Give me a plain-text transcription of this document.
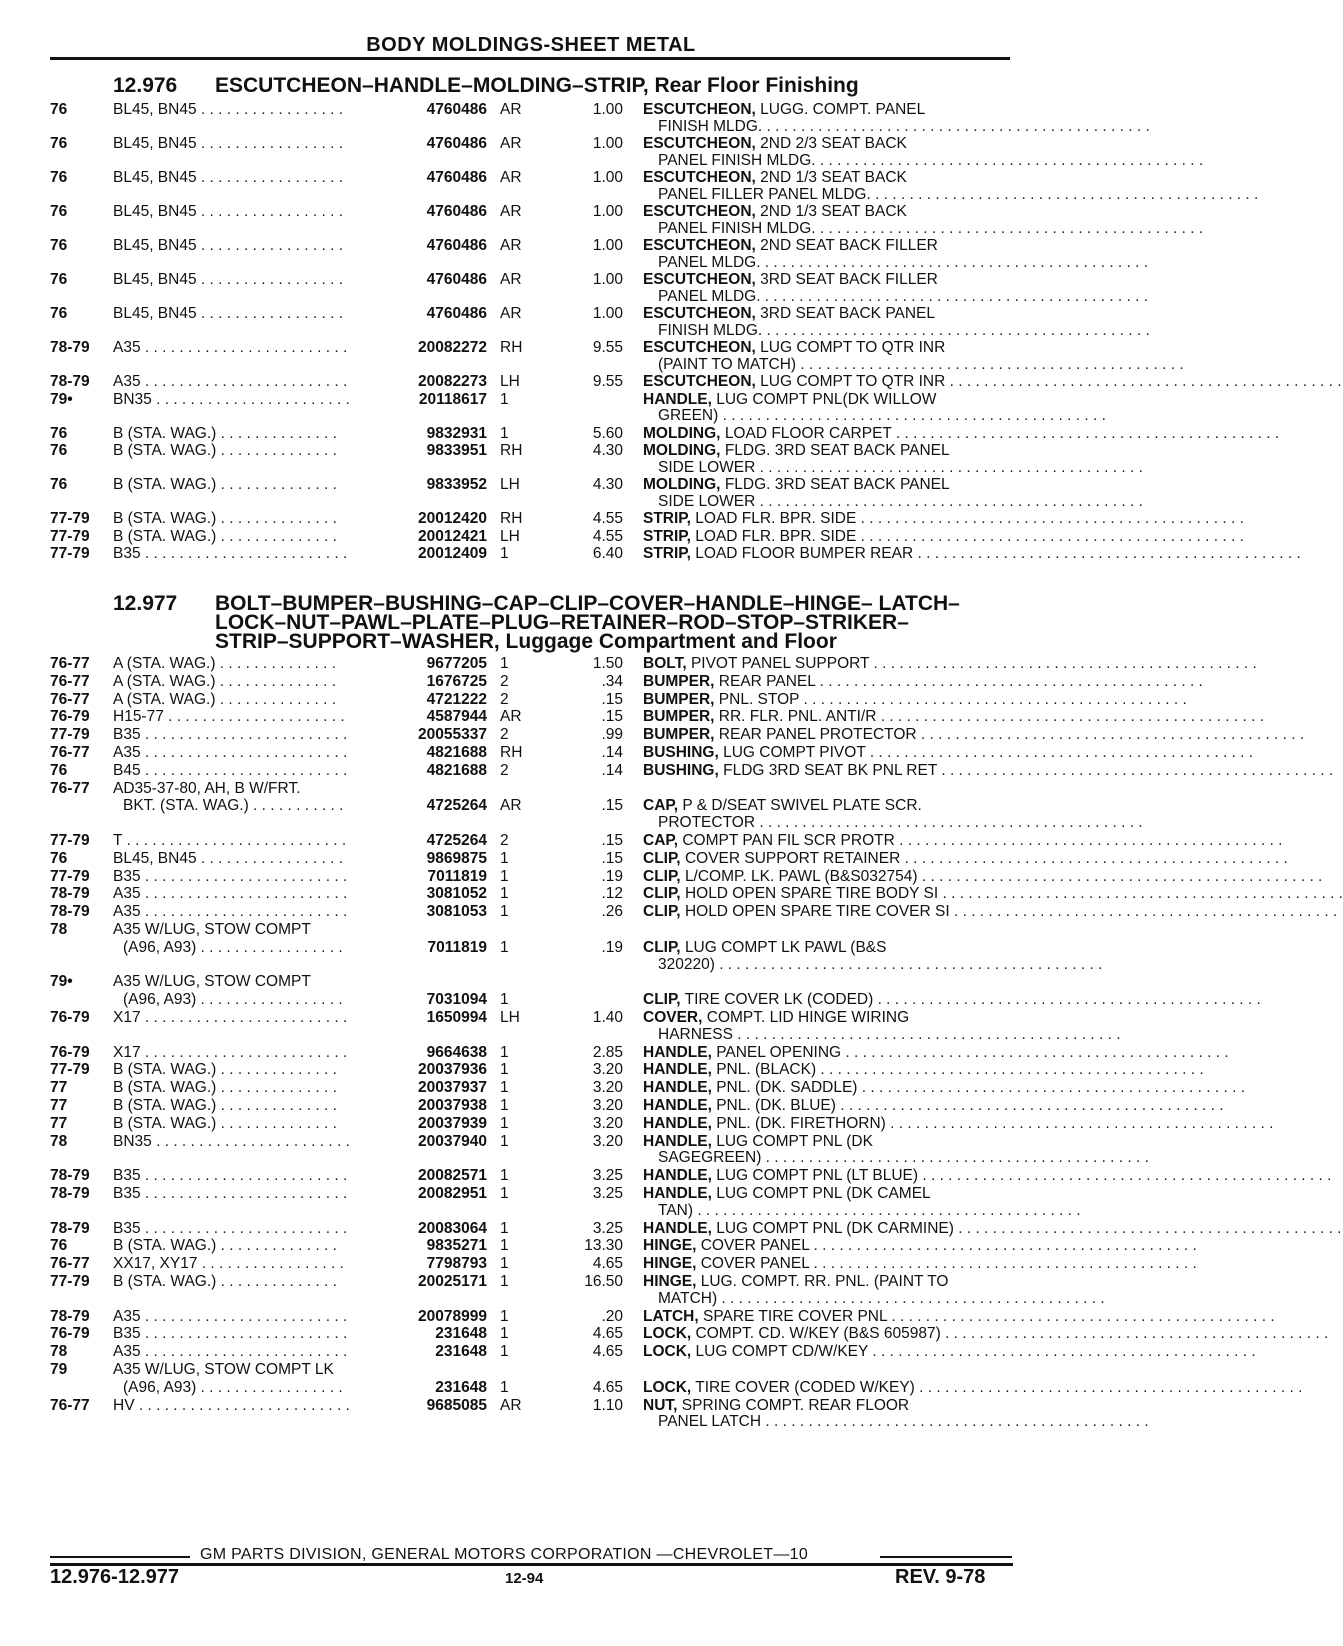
BODY MOLDINGS-SHEET METAL
12.976 ESCUTCHEON–HANDLE–MOLDING–STRIP, Rear Floor Finishing
76	BL45, BN45 . . . . . . . . . . . . . . . . .	4760486 AR	1.00 ESCUTCHEON, LUGG. COMPT. PANEL
FINISH MLDG. . . . . . . . . . . . . . . . . . . . . . . . . . . . . . . . . . . . . . . . . . . . . .
76	BL45, BN45 . . . . . . . . . . . . . . . . .	4760486 AR	1.00 ESCUTCHEON, 2ND 2/3 SEAT BACK
PANEL FINISH MLDG. . . . . . . . . . . . . . . . . . . . . . . . . . . . . . . . . . . . . . . . . . . . . .
76	BL45, BN45 . . . . . . . . . . . . . . . . .	4760486 AR	1.00 ESCUTCHEON, 2ND 1/3 SEAT BACK
PANEL FILLER PANEL MLDG. . . . . . . . . . . . . . . . . . . . . . . . . . . . . . . . . . . . . . . . . . . . . .
76	BL45, BN45 . . . . . . . . . . . . . . . . .	4760486 AR	1.00 ESCUTCHEON, 2ND 1/3 SEAT BACK
PANEL FINISH MLDG. . . . . . . . . . . . . . . . . . . . . . . . . . . . . . . . . . . . . . . . . . . . . .
76	BL45, BN45 . . . . . . . . . . . . . . . . .	4760486 AR	1.00 ESCUTCHEON, 2ND SEAT BACK FILLER
PANEL MLDG. . . . . . . . . . . . . . . . . . . . . . . . . . . . . . . . . . . . . . . . . . . . . .
76	BL45, BN45 . . . . . . . . . . . . . . . . .	4760486 AR	1.00 ESCUTCHEON, 3RD SEAT BACK FILLER
PANEL MLDG. . . . . . . . . . . . . . . . . . . . . . . . . . . . . . . . . . . . . . . . . . . . . .
76	BL45, BN45 . . . . . . . . . . . . . . . . .	4760486 AR	1.00 ESCUTCHEON, 3RD SEAT BACK PANEL
FINISH MLDG. . . . . . . . . . . . . . . . . . . . . . . . . . . . . . . . . . . . . . . . . . . . . .
78-79 A35 . . . . . . . . . . . . . . . . . . . . . . . .	20082272 RH	9.55 ESCUTCHEON, LUG COMPT TO QTR INR
(PAINT TO MATCH) . . . . . . . . . . . . . . . . . . . . . . . . . . . . . . . . . . . . . . . . . . . . .
78-79 A35 . . . . . . . . . . . . . . . . . . . . . . . .	20082273 LH	9.55 ESCUTCHEON, LUG COMPT TO QTR INR . . . . . . . . . . . . . . . . . . . . . . . . . . . . . . . . . . . . . . . . . . . . . .
79•	BN35 . . . . . . . . . . . . . . . . . . . . . . .	20118617 1	HANDLE, LUG COMPT PNL(DK WILLOW
GREEN) . . . . . . . . . . . . . . . . . . . . . . . . . . . . . . . . . . . . . . . . . . . . .
76	B (STA. WAG.) . . . . . . . . . . . . . .	9832931 1	5.60 MOLDING, LOAD FLOOR CARPET . . . . . . . . . . . . . . . . . . . . . . . . . . . . . . . . . . . . . . . . . . . . .
76	B (STA. WAG.) . . . . . . . . . . . . . .	9833951 RH	4.30 MOLDING, FLDG. 3RD SEAT BACK PANEL
SIDE LOWER . . . . . . . . . . . . . . . . . . . . . . . . . . . . . . . . . . . . . . . . . . . . .
76	B (STA. WAG.) . . . . . . . . . . . . . .	9833952 LH	4.30 MOLDING, FLDG. 3RD SEAT BACK PANEL
SIDE LOWER . . . . . . . . . . . . . . . . . . . . . . . . . . . . . . . . . . . . . . . . . . . . .
77-79 B (STA. WAG.) . . . . . . . . . . . . . .	20012420 RH	4.55 STRIP, LOAD FLR. BPR. SIDE . . . . . . . . . . . . . . . . . . . . . . . . . . . . . . . . . . . . . . . . . . . . .
77-79 B (STA. WAG.) . . . . . . . . . . . . . .	20012421 LH	4.55 STRIP, LOAD FLR. BPR. SIDE . . . . . . . . . . . . . . . . . . . . . . . . . . . . . . . . . . . . . . . . . . . . .
77-79 B35 . . . . . . . . . . . . . . . . . . . . . . . .	20012409 1	6.40 STRIP, LOAD FLOOR BUMPER REAR . . . . . . . . . . . . . . . . . . . . . . . . . . . . . . . . . . . . . . . . . . . . .
12.977 BOLT–BUMPER–BUSHING–CAP–CLIP–COVER–HANDLE–HINGE– LATCH–
LOCK–NUT–PAWL–PLATE–PLUG–RETAINER–ROD–STOP–STRIKER–
STRIP–SUPPORT–WASHER, Luggage Compartment and Floor
76-77 A (STA. WAG.) . . . . . . . . . . . . . .	9677205 1	1.50 BOLT, PIVOT PANEL SUPPORT . . . . . . . . . . . . . . . . . . . . . . . . . . . . . . . . . . . . . . . . . . . . .
76-77 A (STA. WAG.) . . . . . . . . . . . . . .	1676725 2	.34 BUMPER, REAR PANEL . . . . . . . . . . . . . . . . . . . . . . . . . . . . . . . . . . . . . . . . . . . . .
76-77 A (STA. WAG.) . . . . . . . . . . . . . .	4721222 2	.15 BUMPER, PNL. STOP . . . . . . . . . . . . . . . . . . . . . . . . . . . . . . . . . . . . . . . . . . . . .
76-79 H15-77 . . . . . . . . . . . . . . . . . . . . .	4587944 AR	.15 BUMPER, RR. FLR. PNL. ANTI/R . . . . . . . . . . . . . . . . . . . . . . . . . . . . . . . . . . . . . . . . . . . . .
77-79 B35 . . . . . . . . . . . . . . . . . . . . . . . .	20055337 2	.99 BUMPER, REAR PANEL PROTECTOR . . . . . . . . . . . . . . . . . . . . . . . . . . . . . . . . . . . . . . . . . . . . .
76-77 A35 . . . . . . . . . . . . . . . . . . . . . . . .	4821688 RH	.14 BUSHING, LUG COMPT PIVOT . . . . . . . . . . . . . . . . . . . . . . . . . . . . . . . . . . . . . . . . . . . . .
76	B45 . . . . . . . . . . . . . . . . . . . . . . . .	4821688 2	.14 BUSHING, FLDG 3RD SEAT BK PNL RET . . . . . . . . . . . . . . . . . . . . . . . . . . . . . . . . . . . . . . . . . . . . . .
76-77 AD35-37-80, AH, B W/FRT.
BKT. (STA. WAG.) . . . . . . . . . . .	4725264 AR	.15 CAP, P & D/SEAT SWIVEL PLATE SCR.
PROTECTOR . . . . . . . . . . . . . . . . . . . . . . . . . . . . . . . . . . . . . . . . . . . . .
77-79 T . . . . . . . . . . . . . . . . . . . . . . . . . .	4725264 2	.15 CAP, COMPT PAN FIL SCR PROTR . . . . . . . . . . . . . . . . . . . . . . . . . . . . . . . . . . . . . . . . . . . . .
76	BL45, BN45 . . . . . . . . . . . . . . . . .	9869875 1	.15 CLIP, COVER SUPPORT RETAINER . . . . . . . . . . . . . . . . . . . . . . . . . . . . . . . . . . . . . . . . . . . . .
77-79 B35 . . . . . . . . . . . . . . . . . . . . . . . .	7011819 1	.19 CLIP, L/COMP. LK. PAWL (B&S032754) . . . . . . . . . . . . . . . . . . . . . . . . . . . . . . . . . . . . . . . . . . . . . . .
78-79 A35 . . . . . . . . . . . . . . . . . . . . . . . .	3081052 1	.12 CLIP, HOLD OPEN SPARE TIRE BODY SI . . . . . . . . . . . . . . . . . . . . . . . . . . . . . . . . . . . . . . . . . . . . . . .
78-79 A35 . . . . . . . . . . . . . . . . . . . . . . . .	3081053 1	.26 CLIP, HOLD OPEN SPARE TIRE COVER SI . . . . . . . . . . . . . . . . . . . . . . . . . . . . . . . . . . . . . . . . . . . . .
78	A35 W/LUG, STOW COMPT
(A96, A93) . . . . . . . . . . . . . . . . .	7011819 1	.19 CLIP, LUG COMPT LK PAWL (B&S
320220) . . . . . . . . . . . . . . . . . . . . . . . . . . . . . . . . . . . . . . . . . . . . .
79•	A35 W/LUG, STOW COMPT
(A96, A93) . . . . . . . . . . . . . . . . .	7031094 1	CLIP, TIRE COVER LK (CODED) . . . . . . . . . . . . . . . . . . . . . . . . . . . . . . . . . . . . . . . . . . . . .
76-79 X17 . . . . . . . . . . . . . . . . . . . . . . . .	1650994 LH	1.40 COVER, COMPT. LID HINGE WIRING
HARNESS . . . . . . . . . . . . . . . . . . . . . . . . . . . . . . . . . . . . . . . . . . . . .
76-79 X17 . . . . . . . . . . . . . . . . . . . . . . . .	9664638 1	2.85 HANDLE, PANEL OPENING . . . . . . . . . . . . . . . . . . . . . . . . . . . . . . . . . . . . . . . . . . . . .
77-79 B (STA. WAG.) . . . . . . . . . . . . . .	20037936 1	3.20 HANDLE, PNL. (BLACK) . . . . . . . . . . . . . . . . . . . . . . . . . . . . . . . . . . . . . . . . . . . . .
77	B (STA. WAG.) . . . . . . . . . . . . . .	20037937 1	3.20 HANDLE, PNL. (DK. SADDLE) . . . . . . . . . . . . . . . . . . . . . . . . . . . . . . . . . . . . . . . . . . . . .
77	B (STA. WAG.) . . . . . . . . . . . . . .	20037938 1	3.20 HANDLE, PNL. (DK. BLUE) . . . . . . . . . . . . . . . . . . . . . . . . . . . . . . . . . . . . . . . . . . . . .
77	B (STA. WAG.) . . . . . . . . . . . . . .	20037939 1	3.20 HANDLE, PNL. (DK. FIREТHORN) . . . . . . . . . . . . . . . . . . . . . . . . . . . . . . . . . . . . . . . . . . . . .
78	BN35 . . . . . . . . . . . . . . . . . . . . . . .	20037940 1	3.20 HANDLE, LUG COMPT PNL (DK
SAGEGREEN) . . . . . . . . . . . . . . . . . . . . . . . . . . . . . . . . . . . . . . . . . . . . .
78-79 B35 . . . . . . . . . . . . . . . . . . . . . . . .	20082571 1	3.25 HANDLE, LUG COMPT PNL (LT BLUE) . . . . . . . . . . . . . . . . . . . . . . . . . . . . . . . . . . . . . . . . . . . . . . . .
78-79 B35 . . . . . . . . . . . . . . . . . . . . . . . .	20082951 1	3.25 HANDLE, LUG COMPT PNL (DK CAMEL
TAN) . . . . . . . . . . . . . . . . . . . . . . . . . . . . . . . . . . . . . . . . . . . . .
78-79 B35 . . . . . . . . . . . . . . . . . . . . . . . .	20083064 1	3.25 HANDLE, LUG COMPT PNL (DK CARMINE) . . . . . . . . . . . . . . . . . . . . . . . . . . . . . . . . . . . . . . . . . . . . .
76	B (STA. WAG.) . . . . . . . . . . . . . .	9835271 1	13.30 HINGE, COVER PANEL . . . . . . . . . . . . . . . . . . . . . . . . . . . . . . . . . . . . . . . . . . . . .
76-77 XX17, XY17 . . . . . . . . . . . . . . . . .	7798793 1	4.65 HINGE, COVER PANEL . . . . . . . . . . . . . . . . . . . . . . . . . . . . . . . . . . . . . . . . . . . . .
77-79 B (STA. WAG.) . . . . . . . . . . . . . .	20025171 1	16.50 HINGE, LUG. COMPT. RR. PNL. (PAINT TO
MATCH) . . . . . . . . . . . . . . . . . . . . . . . . . . . . . . . . . . . . . . . . . . . . .
78-79 A35 . . . . . . . . . . . . . . . . . . . . . . . .	20078999 1	.20 LATCH, SPARE TIRE COVER PNL . . . . . . . . . . . . . . . . . . . . . . . . . . . . . . . . . . . . . . . . . . . . .
76-79 B35 . . . . . . . . . . . . . . . . . . . . . . . .	231648 1	4.65 LOCK, COMPT. CD. W/KEY (B&S 605987) . . . . . . . . . . . . . . . . . . . . . . . . . . . . . . . . . . . . . . . . . . . . .
78	A35 . . . . . . . . . . . . . . . . . . . . . . . .	231648 1	4.65 LOCK, LUG COMPT CD/W/KEY . . . . . . . . . . . . . . . . . . . . . . . . . . . . . . . . . . . . . . . . . . . . .
79	A35 W/LUG, STOW COMPT LK
(A96, A93) . . . . . . . . . . . . . . . . .	231648 1	4.65 LOCK, TIRE COVER (CODED W/KEY) . . . . . . . . . . . . . . . . . . . . . . . . . . . . . . . . . . . . . . . . . . . . .
76-77 HV . . . . . . . . . . . . . . . . . . . . . . . . .	9685085 AR	1.10 NUT, SPRING COMPT. REAR FLOOR
PANEL LATCH . . . . . . . . . . . . . . . . . . . . . . . . . . . . . . . . . . . . . . . . . . . . .
GM PARTS DIVISION, GENERAL MOTORS CORPORATION —CHEVROLET—10
12.976-12.977	12-94	REV. 9-78
